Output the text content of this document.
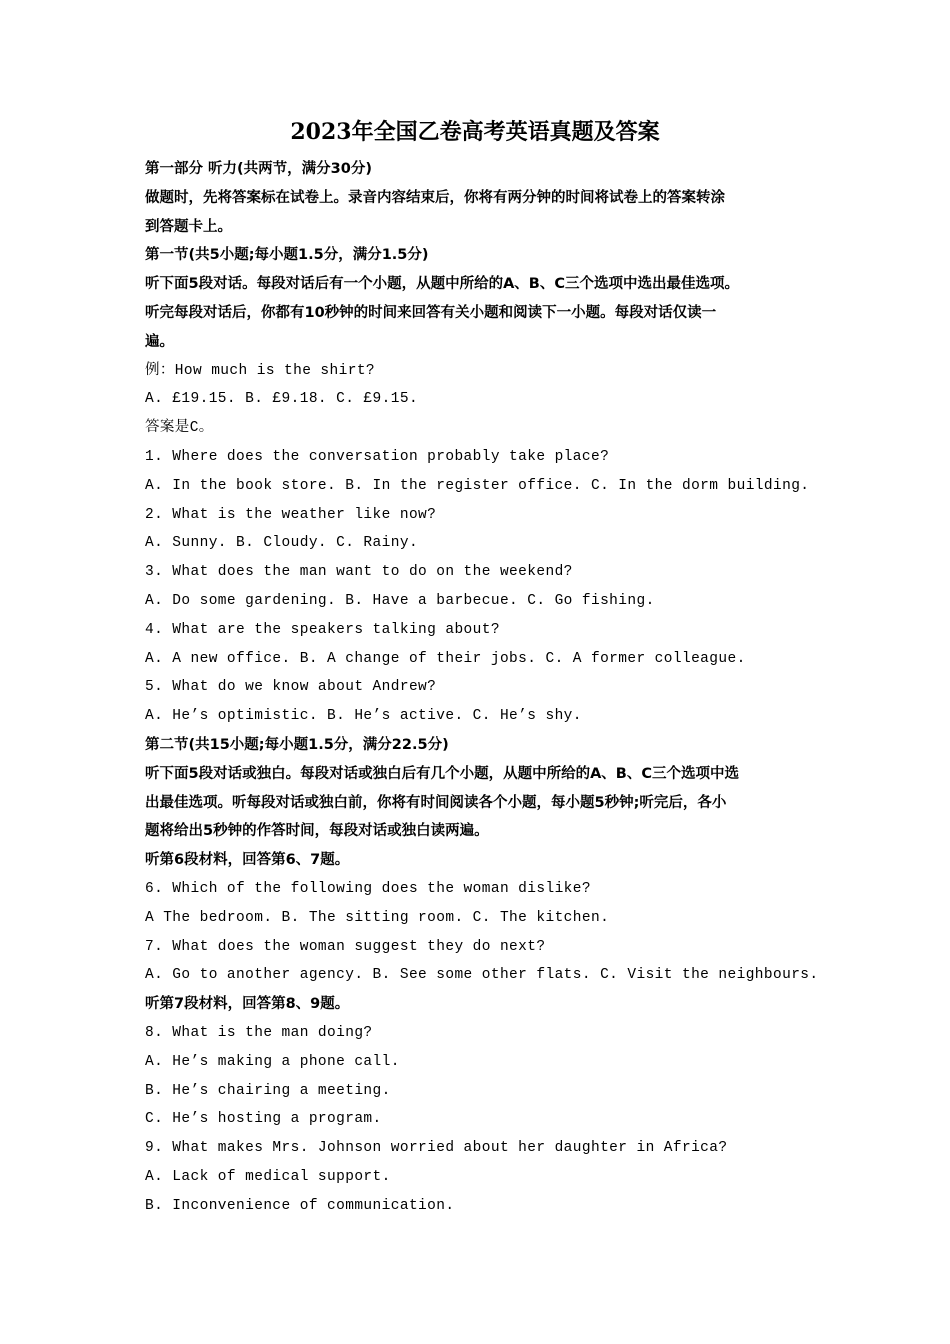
2023年全国乙卷高考英语真题及答案
第一部分 听力(共两节，满分30分)
做题时，先将答案标在试卷上。录音内容结束后，你将有两分钟的时间将试卷上的答案转涂
到答题卡上。
第一节(共5小题;每小题1.5分，满分1.5分)
听下面5段对话。每段对话后有一个小题，从题中所给的A、B、C三个选项中选出最佳选项。
听完每段对话后，你都有10秒钟的时间来回答有关小题和阅读下一小题。每段对话仅读一
遍。
例：How much is the shirt?
A. £19.15. B. £9.18. C. £9.15.
答案是C。
1. Where does the conversation probably take place?
A. In the book store. B. In the register office. C. In the dorm building.
2. What is the weather like now?
A. Sunny. B. Cloudy. C. Rainy.
3. What does the man want to do on the weekend?
A. Do some gardening. B. Have a barbecue. C. Go fishing.
4. What are the speakers talking about?
A. A new office. B. A change of their jobs. C. A former colleague.
5. What do we know about Andrew?
A. He’s optimistic. B. He’s active. C. He’s shy.
第二节(共15小题;每小题1.5分，满分22.5分)
听下面5段对话或独白。每段对话或独白后有几个小题，从题中所给的A、B、C三个选项中选
出最佳选项。听每段对话或独白前，你将有时间阅读各个小题，每小题5秒钟;听完后，各小
题将给出5秒钟的作答时间，每段对话或独白读两遍。
听第6段材料，回答第6、7题。
6. Which of the following does the woman dislike?
A The bedroom. B. The sitting room. C. The kitchen.
7. What does the woman suggest they do next?
A. Go to another agency. B. See some other flats. C. Visit the neighbours.
听第7段材料，回答第8、9题。
8. What is the man doing?
A. He’s making a phone call.
B. He’s chairing a meeting.
C. He’s hosting a program.
9. What makes Mrs. Johnson worried about her daughter in Africa?
A. Lack of medical support.
B. Inconvenience of communication.
